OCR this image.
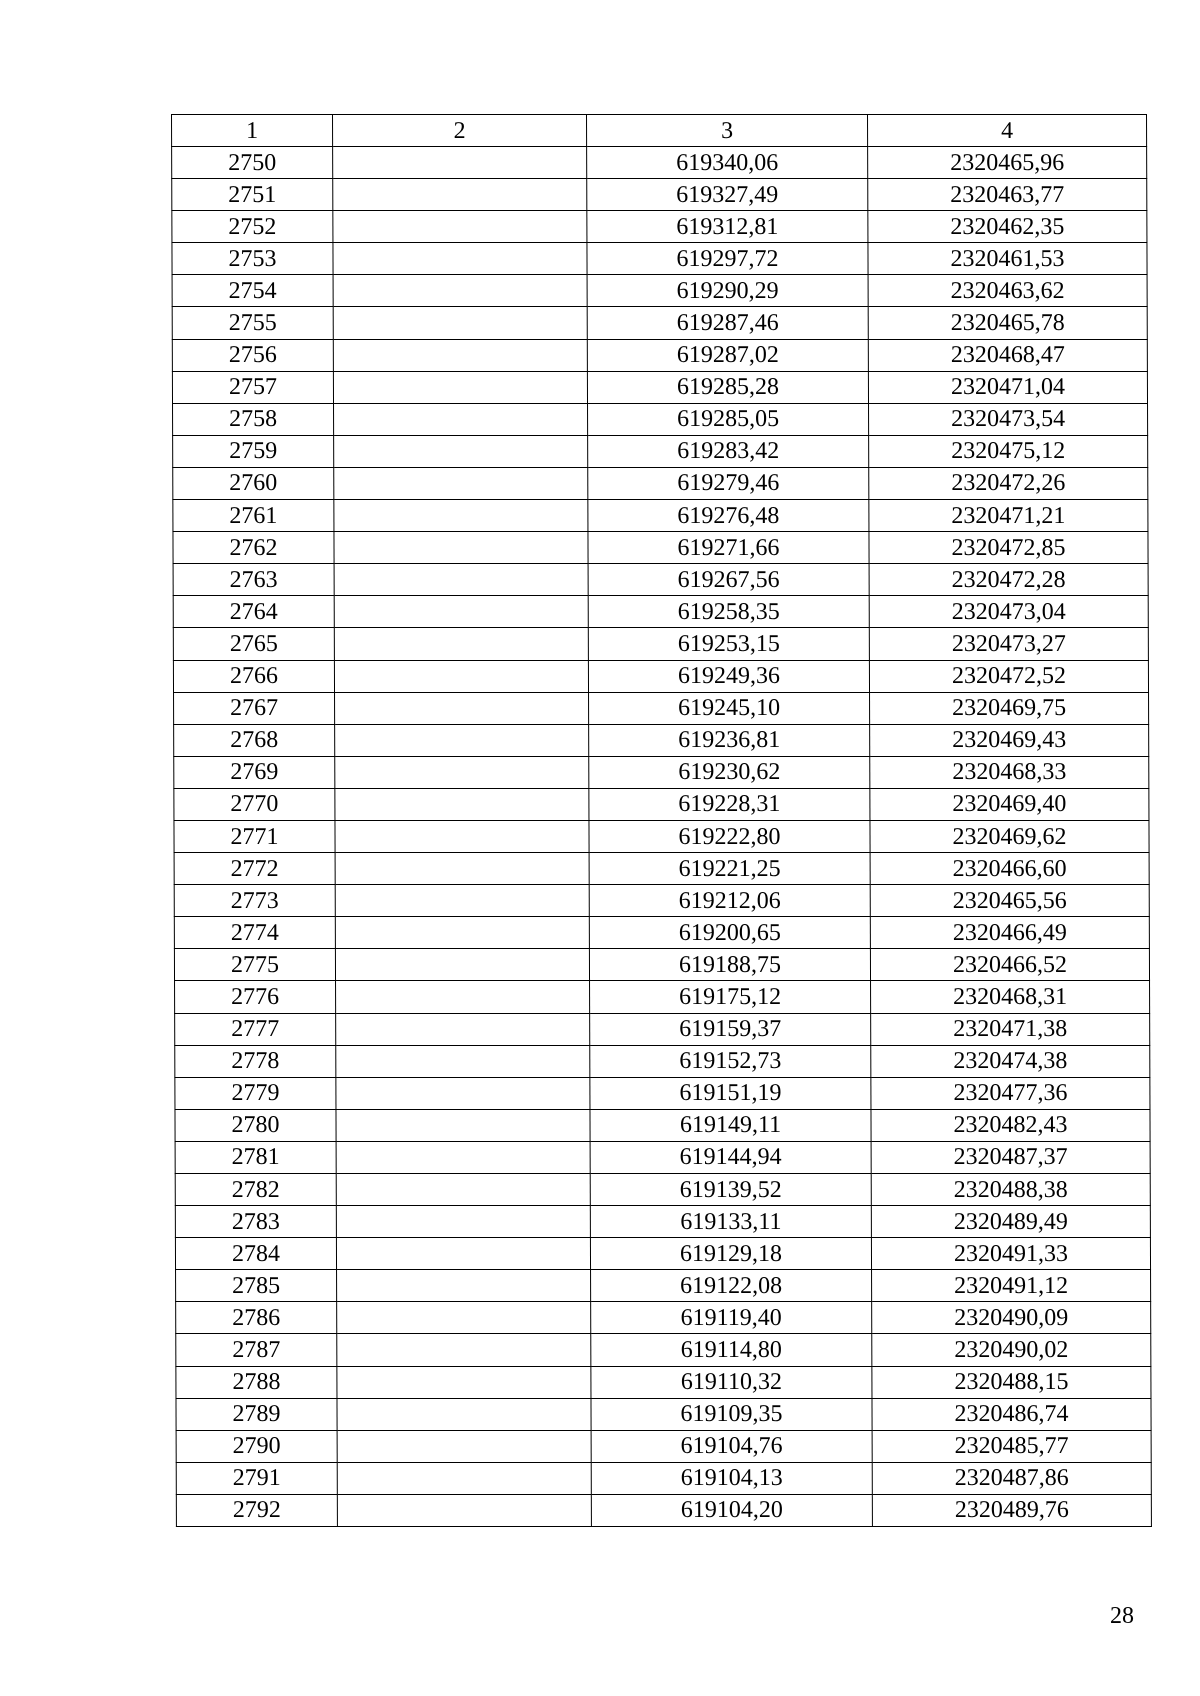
1	2	3	4
2750		619340,06	2320465,96
2751		619327,49	2320463,77
2752		619312,81	2320462,35
2753		619297,72	2320461,53
2754		619290,29	2320463,62
2755		619287,46	2320465,78
2756		619287,02	2320468,47
2757		619285,28	2320471,04
2758		619285,05	2320473,54
2759		619283,42	2320475,12
2760		619279,46	2320472,26
2761		619276,48	2320471,21
2762		619271,66	2320472,85
2763		619267,56	2320472,28
2764		619258,35	2320473,04
2765		619253,15	2320473,27
2766		619249,36	2320472,52
2767		619245,10	2320469,75
2768		619236,81	2320469,43
2769		619230,62	2320468,33
2770		619228,31	2320469,40
2771		619222,80	2320469,62
2772		619221,25	2320466,60
2773		619212,06	2320465,56
2774		619200,65	2320466,49
2775		619188,75	2320466,52
2776		619175,12	2320468,31
2777		619159,37	2320471,38
2778		619152,73	2320474,38
2779		619151,19	2320477,36
2780		619149,11	2320482,43
2781		619144,94	2320487,37
2782		619139,52	2320488,38
2783		619133,11	2320489,49
2784		619129,18	2320491,33
2785		619122,08	2320491,12
2786		619119,40	2320490,09
2787		619114,80	2320490,02
2788		619110,32	2320488,15
2789		619109,35	2320486,74
2790		619104,76	2320485,77
2791		619104,13	2320487,86
2792		619104,20	2320489,76
28
